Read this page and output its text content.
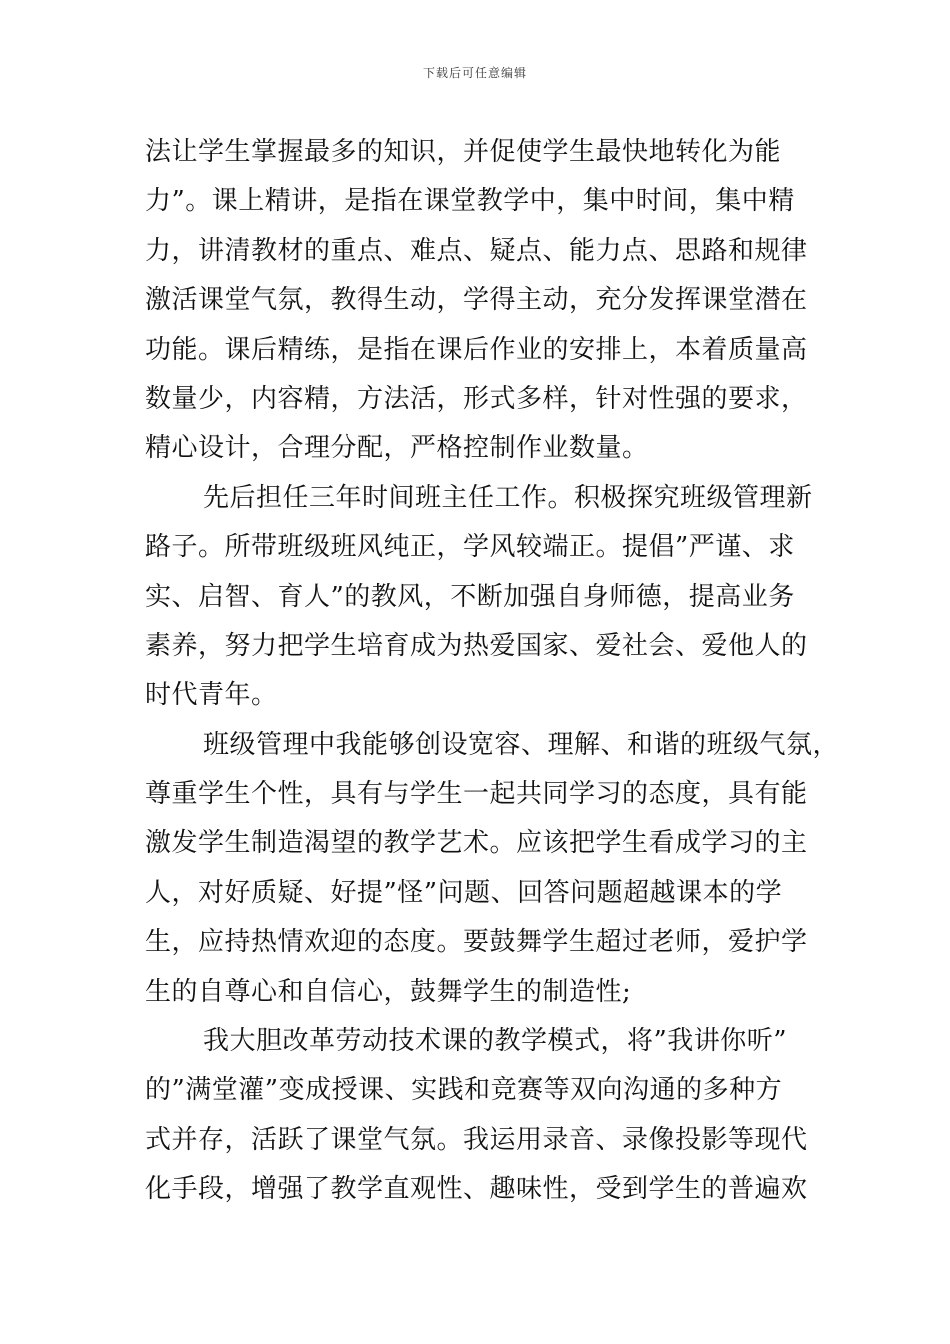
下载后可任意编辑
法让学生掌握最多的知识，并促使学生最快地转化为能
力”。课上精讲，是指在课堂教学中，集中时间，集中精
力，讲清教材的重点、难点、疑点、能力点、思路和规律
激活课堂气氛，教得生动，学得主动，充分发挥课堂潜在
功能。课后精练，是指在课后作业的安排上，本着质量高
数量少，内容精，方法活，形式多样，针对性强的要求，
精心设计，合理分配，严格控制作业数量。
先后担任三年时间班主任工作。积极探究班级管理新
路子。所带班级班风纯正，学风较端正。提倡”严谨、求
实、启智、育人”的教风，不断加强自身师德，提高业务
素养，努力把学生培育成为热爱国家、爱社会、爱他人的
时代青年。
班级管理中我能够创设宽容、理解、和谐的班级气氛，
尊重学生个性，具有与学生一起共同学习的态度，具有能
激发学生制造渴望的教学艺术。应该把学生看成学习的主
人，对好质疑、好提”怪”问题、回答问题超越课本的学
生，应持热情欢迎的态度。要鼓舞学生超过老师，爱护学
生的自尊心和自信心，鼓舞学生的制造性;
我大胆改革劳动技术课的教学模式，将”我讲你听”
的”满堂灌”变成授课、实践和竞赛等双向沟通的多种方
式并存，活跃了课堂气氛。我运用录音、录像投影等现代
化手段，增强了教学直观性、趣味性，受到学生的普遍欢
